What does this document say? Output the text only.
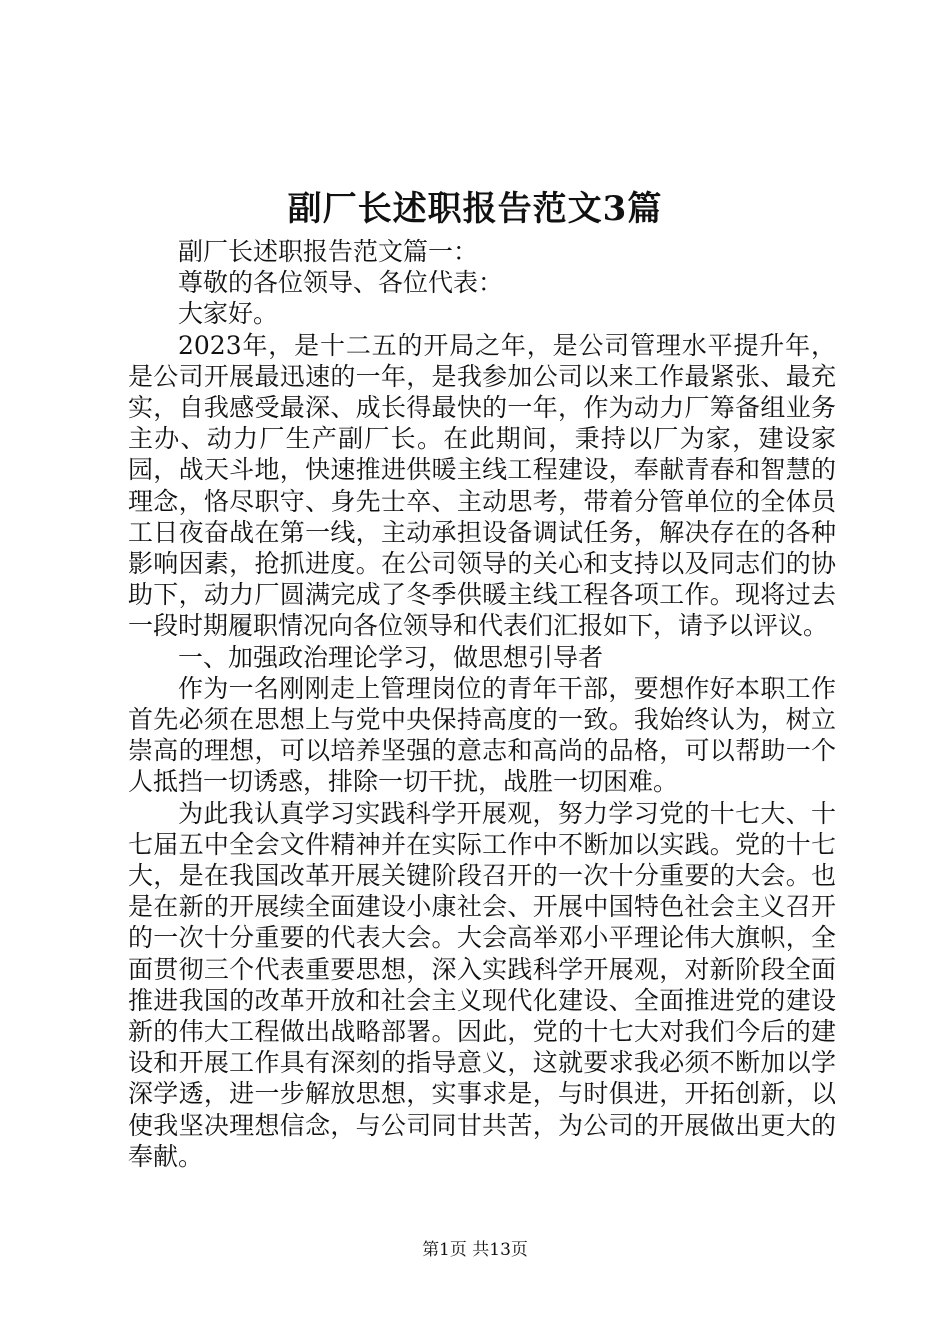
副厂长述职报告范文3篇

副厂长述职报告范文篇一：

尊敬的各位领导、各位代表：

大家好。

2023年，是十二五的开局之年，是公司管理水平提升年，是公司开展最迅速的一年，是我参加公司以来工作最紧张、最充实，自我感受最深、成长得最快的一年，作为动力厂筹备组业务主办、动力厂生产副厂长。在此期间，秉持以厂为家，建设家园，战天斗地，快速推进供暖主线工程建设，奉献青春和智慧的理念，恪尽职守、身先士卒、主动思考，带着分管单位的全体员工日夜奋战在第一线，主动承担设备调试任务，解决存在的各种影响因素，抢抓进度。在公司领导的关心和支持以及同志们的协助下，动力厂圆满完成了冬季供暖主线工程各项工作。现将过去一段时期履职情况向各位领导和代表们汇报如下，请予以评议。

一、加强政治理论学习，做思想引导者

作为一名刚刚走上管理岗位的青年干部，要想作好本职工作首先必须在思想上与党中央保持高度的一致。我始终认为，树立崇高的理想，可以培养坚强的意志和高尚的品格，可以帮助一个人抵挡一切诱惑，排除一切干扰，战胜一切困难。

为此我认真学习实践科学开展观，努力学习党的十七大、十七届五中全会文件精神并在实际工作中不断加以实践。党的十七大，是在我国改革开展关键阶段召开的一次十分重要的大会。也是在新的开展续全面建设小康社会、开展中国特色社会主义召开的一次十分重要的代表大会。大会高举邓小平理论伟大旗帜，全面贯彻三个代表重要思想，深入实践科学开展观，对新阶段全面推进我国的改革开放和社会主义现代化建设、全面推进党的建设新的伟大工程做出战略部署。因此，党的十七大对我们今后的建设和开展工作具有深刻的指导意义，这就要求我必须不断加以学深学透，进一步解放思想，实事求是，与时俱进，开拓创新，以使我坚决理想信念，与公司同甘共苦，为公司的开展做出更大的奉献。

第1页 共13页
